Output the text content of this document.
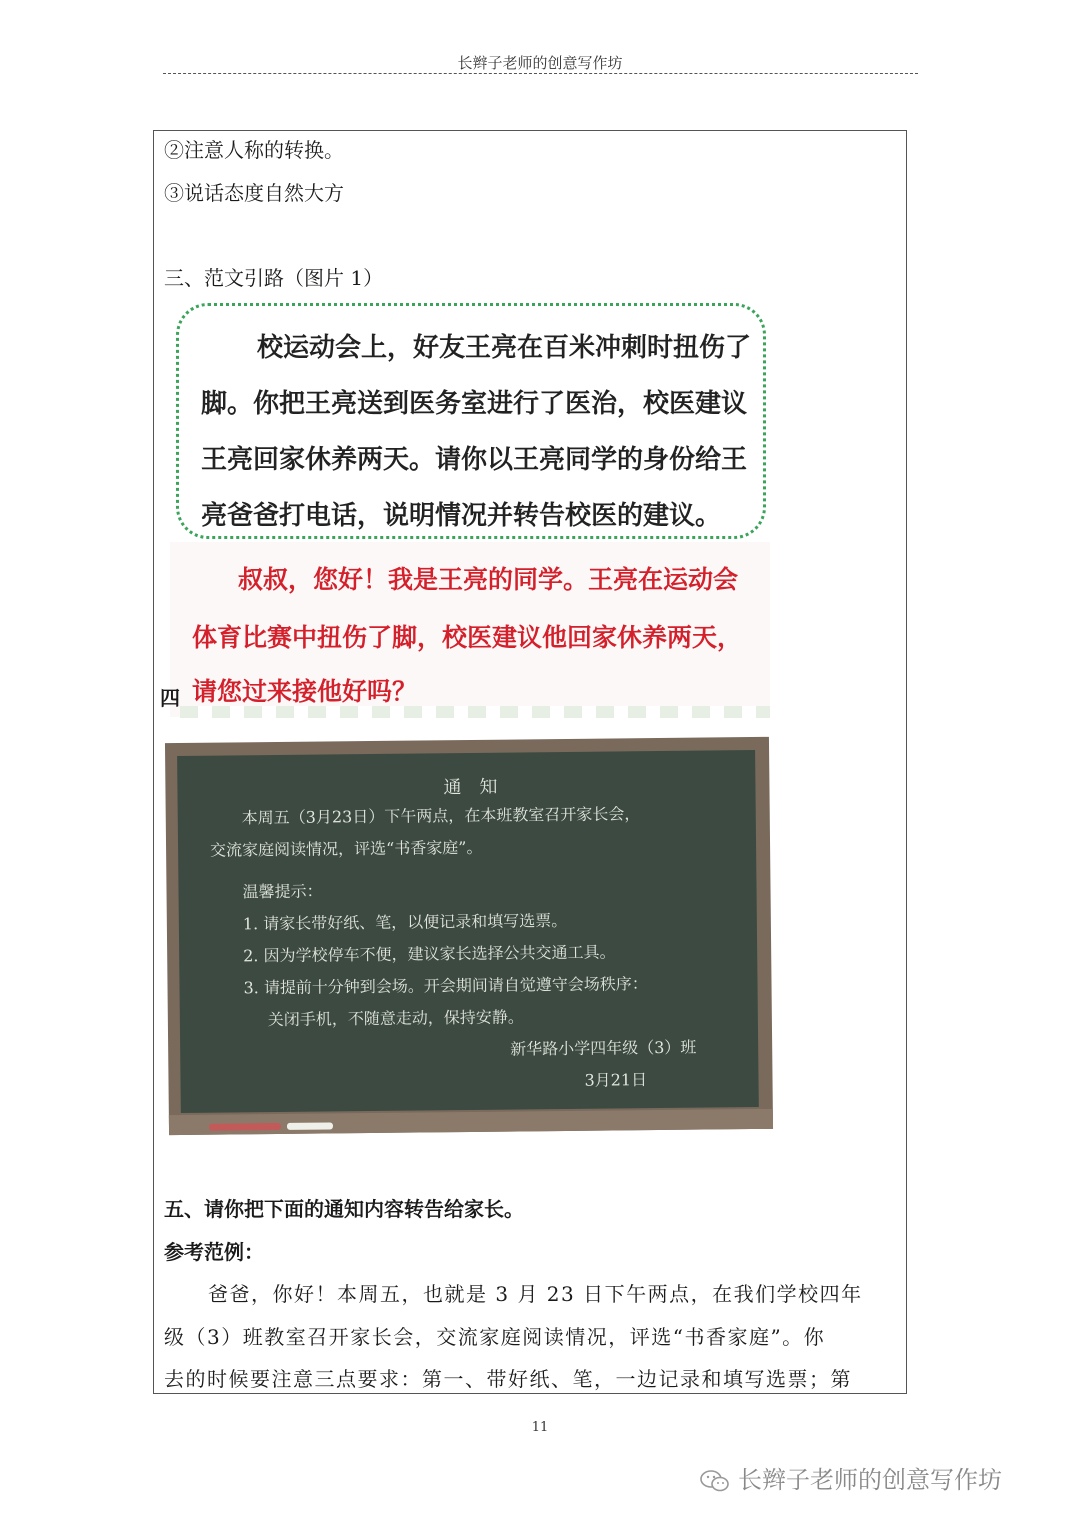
长辫子老师的创意写作坊
②注意人称的转换。
③说话态度自然大方
三、范文引路（图片 1）
校运动会上，好友王亮在百米冲刺时扭伤了
脚。你把王亮送到医务室进行了医治，校医建议
王亮回家休养两天。请你以王亮同学的身份给王
亮爸爸打电话，说明情况并转告校医的建议。
叔叔，您好！我是王亮的同学。王亮在运动会
体育比赛中扭伤了脚，校医建议他回家休养两天，
请您过来接他好吗？
四
通　知
本周五（3月23日）下午两点，在本班教室召开家长会，
交流家庭阅读情况，评选“书香家庭”。
温馨提示：
1. 请家长带好纸、笔，以便记录和填写选票。
2. 因为学校停车不便，建议家长选择公共交通工具。
3. 请提前十分钟到会场。开会期间请自觉遵守会场秩序：
关闭手机，不随意走动，保持安静。
新华路小学四年级（3）班
3月21日
五、请你把下面的通知内容转告给家长。
参考范例：
爸爸，你好！本周五，也就是 3 月 23 日下午两点，在我们学校四年
级（3）班教室召开家长会，交流家庭阅读情况，评选“书香家庭”。你
去的时候要注意三点要求：第一、带好纸、笔，一边记录和填写选票；第
11
长辫子老师的创意写作坊
